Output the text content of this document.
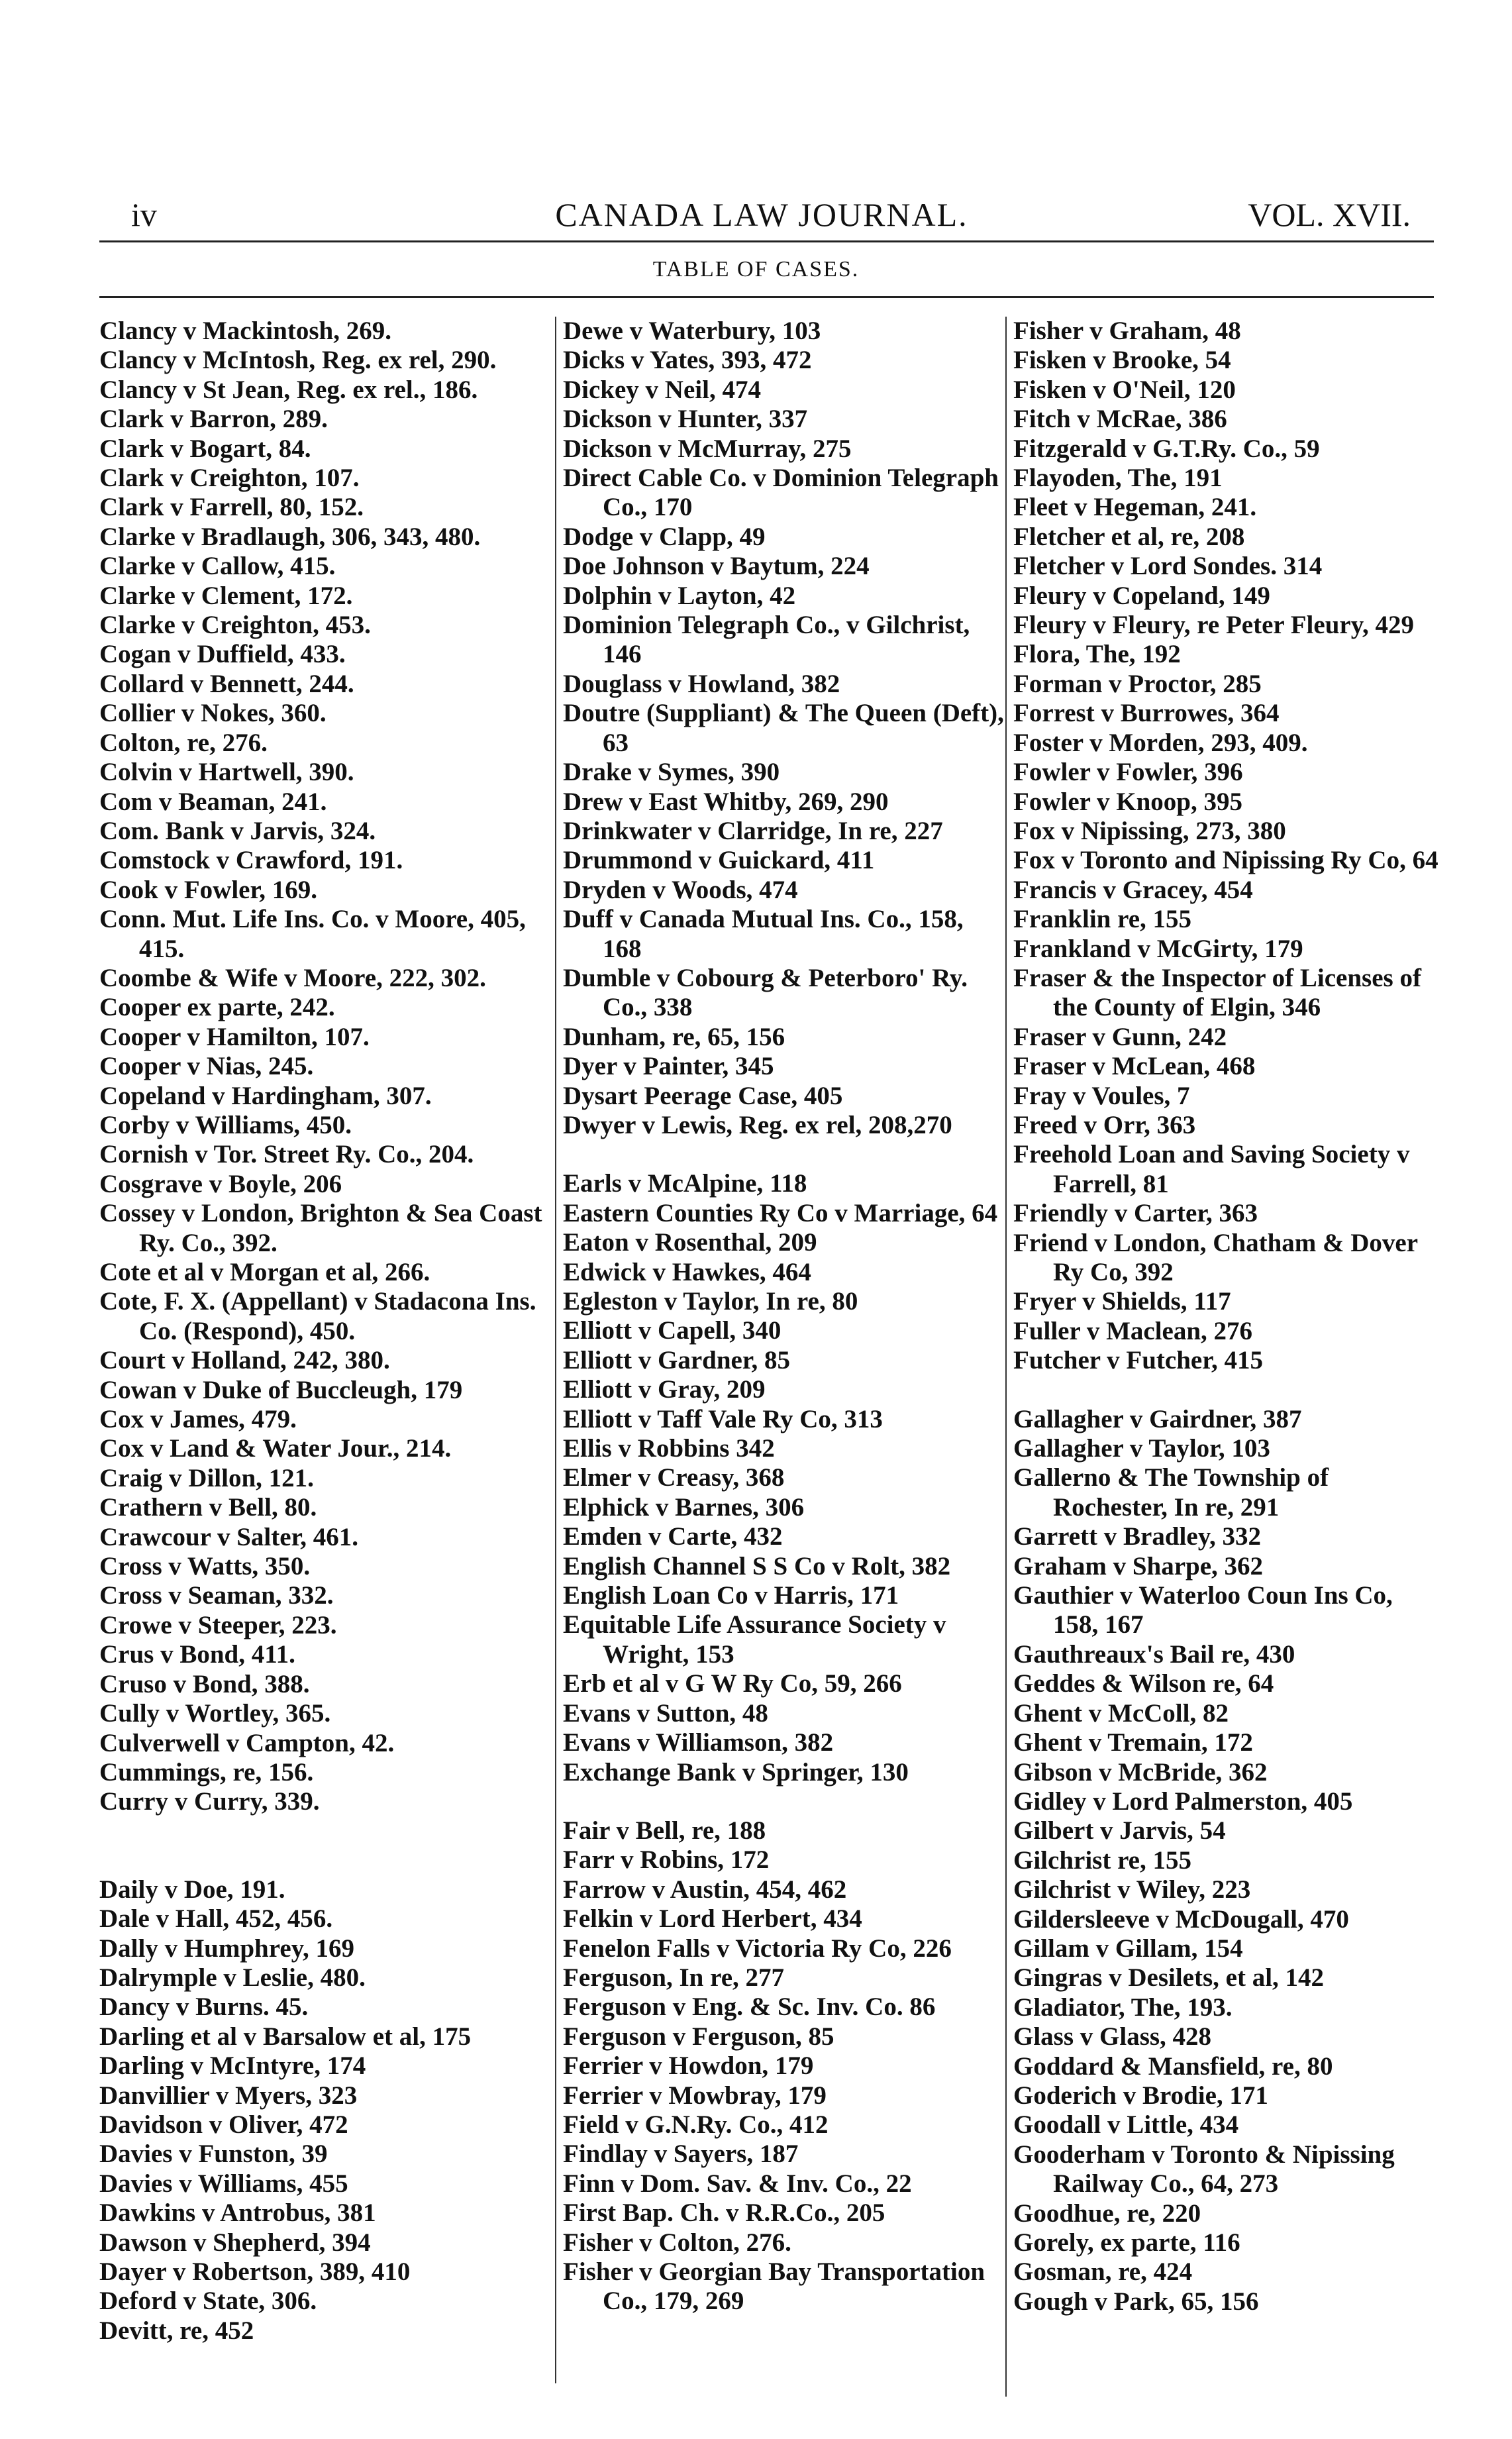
iv	CANADA LAW JOURNAL.	VOL. XVII.
TABLE OF CASES.
Clancy v Mackintosh, 269.
Clancy v McIntosh, Reg. ex rel, 290.
Clancy v St Jean, Reg. ex rel., 186.
Clark v Barron, 289.
Clark v Bogart, 84.
Clark v Creighton, 107.
Clark v Farrell, 80, 152.
Clarke v Bradlaugh, 306, 343, 480.
Clarke v Callow, 415.
Clarke v Clement, 172.
Clarke v Creighton, 453.
Cogan v Duffield, 433.
Collard v Bennett, 244.
Collier v Nokes, 360.
Colton, re, 276.
Colvin v Hartwell, 390.
Com v Beaman, 241.
Com. Bank v Jarvis, 324.
Comstock v Crawford, 191.
Cook v Fowler, 169.
Conn. Mut. Life Ins. Co. v Moore, 405, 415.
Coombe & Wife v Moore, 222, 302.
Cooper ex parte, 242.
Cooper v Hamilton, 107.
Cooper v Nias, 245.
Copeland v Hardingham, 307.
Corby v Williams, 450.
Cornish v Tor. Street Ry. Co., 204.
Cosgrave v Boyle, 206
Cossey v London, Brighton & Sea Coast Ry. Co., 392.
Cote et al v Morgan et al, 266.
Cote, F. X. (Appellant) v Stadacona Ins. Co. (Respond), 450.
Court v Holland, 242, 380.
Cowan v Duke of Buccleugh, 179
Cox v James, 479.
Cox v Land & Water Jour., 214.
Craig v Dillon, 121.
Crathern v Bell, 80.
Crawcour v Salter, 461.
Cross v Watts, 350.
Cross v Seaman, 332.
Crowe v Steeper, 223.
Crus v Bond, 411.
Cruso v Bond, 388.
Cully v Wortley, 365.
Culverwell v Campton, 42.
Cummings, re, 156.
Curry v Curry, 339.
Daily v Doe, 191.
Dale v Hall, 452, 456.
Dally v Humphrey, 169
Dalrymple v Leslie, 480.
Dancy v Burns. 45.
Darling et al v Barsalow et al, 175
Darling v McIntyre, 174
Danvillier v Myers, 323
Davidson v Oliver, 472
Davies v Funston, 39
Davies v Williams, 455
Dawkins v Antrobus, 381
Dawson v Shepherd, 394
Dayer v Robertson, 389, 410
Deford v State, 306.
Devitt, re, 452
Dewe v Waterbury, 103
Dicks v Yates, 393, 472
Dickey v Neil, 474
Dickson v Hunter, 337
Dickson v McMurray, 275
Direct Cable Co. v Dominion Telegraph Co., 170
Dodge v Clapp, 49
Doe Johnson v Baytum, 224
Dolphin v Layton, 42
Dominion Telegraph Co., v Gilchrist, 146
Douglass v Howland, 382
Doutre (Suppliant) & The Queen (Deft), 63
Drake v Symes, 390
Drew v East Whitby, 269, 290
Drinkwater v Clarridge, In re, 227
Drummond v Guickard, 411
Dryden v Woods, 474
Duff v Canada Mutual Ins. Co., 158, 168
Dumble v Cobourg & Peterboro' Ry. Co., 338
Dunham, re, 65, 156
Dyer v Painter, 345
Dysart Peerage Case, 405
Dwyer v Lewis, Reg. ex rel, 208,270
Earls v McAlpine, 118
Eastern Counties Ry Co v Marriage, 64
Eaton v Rosenthal, 209
Edwick v Hawkes, 464
Egleston v Taylor, In re, 80
Elliott v Capell, 340
Elliott v Gardner, 85
Elliott v Gray, 209
Elliott v Taff Vale Ry Co, 313
Ellis v Robbins 342
Elmer v Creasy, 368
Elphick v Barnes, 306
Emden v Carte, 432
English Channel S S Co v Rolt, 382
English Loan Co v Harris, 171
Equitable Life Assurance Society v Wright, 153
Erb et al v G W Ry Co, 59, 266
Evans v Sutton, 48
Evans v Williamson, 382
Exchange Bank v Springer, 130
Fair v Bell, re, 188
Farr v Robins, 172
Farrow v Austin, 454, 462
Felkin v Lord Herbert, 434
Fenelon Falls v Victoria Ry Co, 226
Ferguson, In re, 277
Ferguson v Eng. & Sc. Inv. Co. 86
Ferguson v Ferguson, 85
Ferrier v Howdon, 179
Ferrier v Mowbray, 179
Field v G.N.Ry. Co., 412
Findlay v Sayers, 187
Finn v Dom. Sav. & Inv. Co., 22
First Bap. Ch. v R.R.Co., 205
Fisher v Colton, 276.
Fisher v Georgian Bay Transportation Co., 179, 269
Fisher v Graham, 48
Fisken v Brooke, 54
Fisken v O'Neil, 120
Fitch v McRae, 386
Fitzgerald v G.T.Ry. Co., 59
Flayoden, The, 191
Fleet v Hegeman, 241.
Fletcher et al, re, 208
Fletcher v Lord Sondes. 314
Fleury v Copeland, 149
Fleury v Fleury, re Peter Fleury, 429
Flora, The, 192
Forman v Proctor, 285
Forrest v Burrowes, 364
Foster v Morden, 293, 409.
Fowler v Fowler, 396
Fowler v Knoop, 395
Fox v Nipissing, 273, 380
Fox v Toronto and Nipissing Ry Co, 64
Francis v Gracey, 454
Franklin re, 155
Frankland v McGirty, 179
Fraser & the Inspector of Licenses of the County of Elgin, 346
Fraser v Gunn, 242
Fraser v McLean, 468
Fray v Voules, 7
Freed v Orr, 363
Freehold Loan and Saving Society v Farrell, 81
Friendly v Carter, 363
Friend v London, Chatham & Dover Ry Co, 392
Fryer v Shields, 117
Fuller v Maclean, 276
Futcher v Futcher, 415
Gallagher v Gairdner, 387
Gallagher v Taylor, 103
Gallerno & The Township of Rochester, In re, 291
Garrett v Bradley, 332
Graham v Sharpe, 362
Gauthier v Waterloo Coun Ins Co, 158, 167
Gauthreaux's Bail re, 430
Geddes & Wilson re, 64
Ghent v McColl, 82
Ghent v Tremain, 172
Gibson v McBride, 362
Gidley v Lord Palmerston, 405
Gilbert v Jarvis, 54
Gilchrist re, 155
Gilchrist v Wiley, 223
Gildersleeve v McDougall, 470
Gillam v Gillam, 154
Gingras v Desilets, et al, 142
Gladiator, The, 193.
Glass v Glass, 428
Goddard & Mansfield, re, 80
Goderich v Brodie, 171
Goodall v Little, 434
Gooderham v Toronto & Nipissing Railway Co., 64, 273
Goodhue, re, 220
Gorely, ex parte, 116
Gosman, re, 424
Gough v Park, 65, 156
